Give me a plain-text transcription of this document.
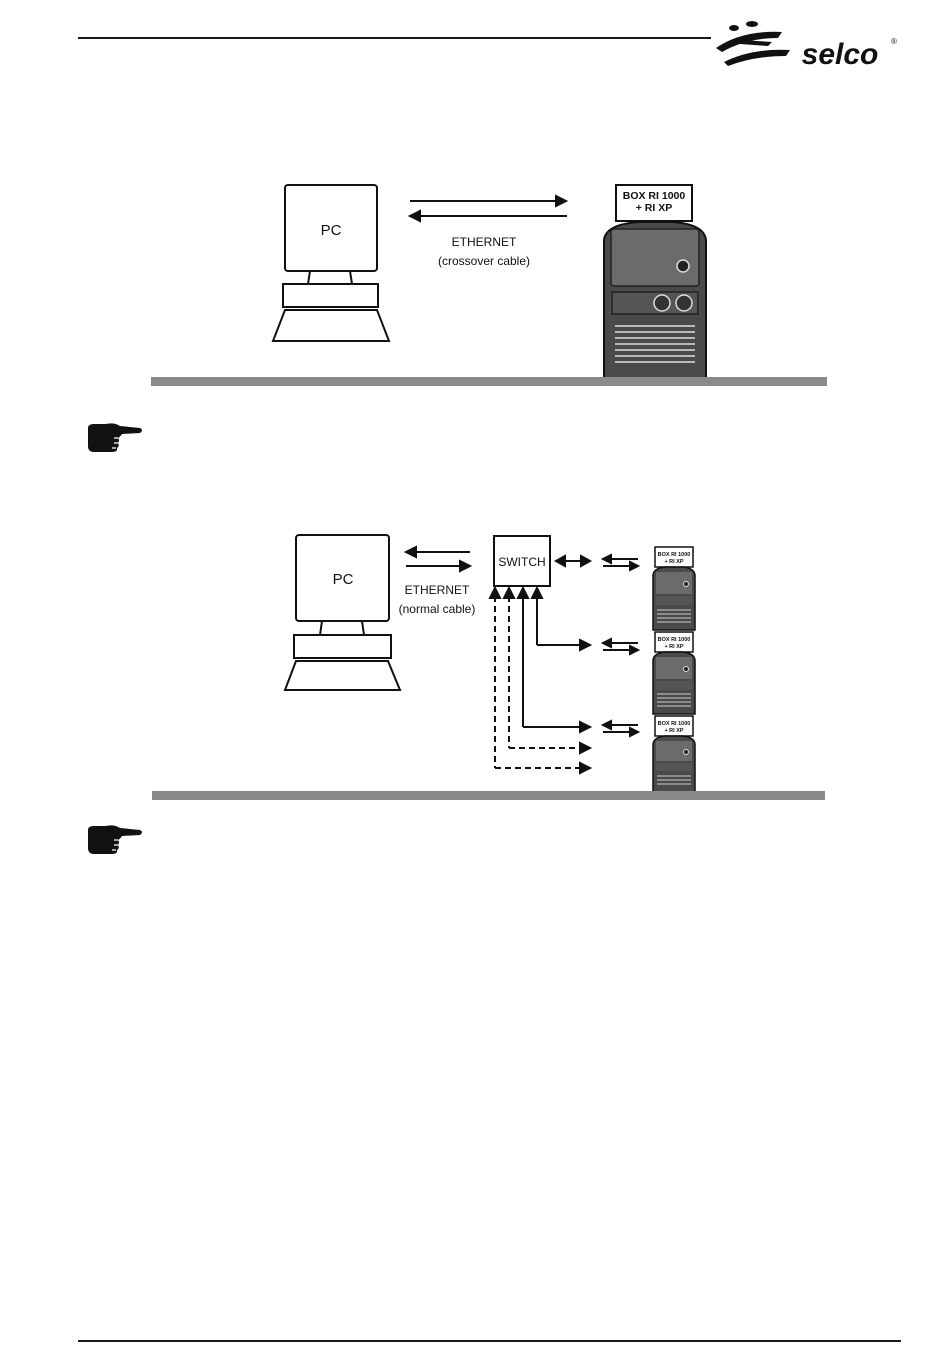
selco ®
PC
ETHERNET
(crossover cable)
BOX RI 1000
+ RI XP
PC
ETHERNET
(normal cable)
SWITCH	BOX RI 1000
+ RI XP
BOX RI 1000
+ RI XP
BOX RI 1000
+ RI XP
